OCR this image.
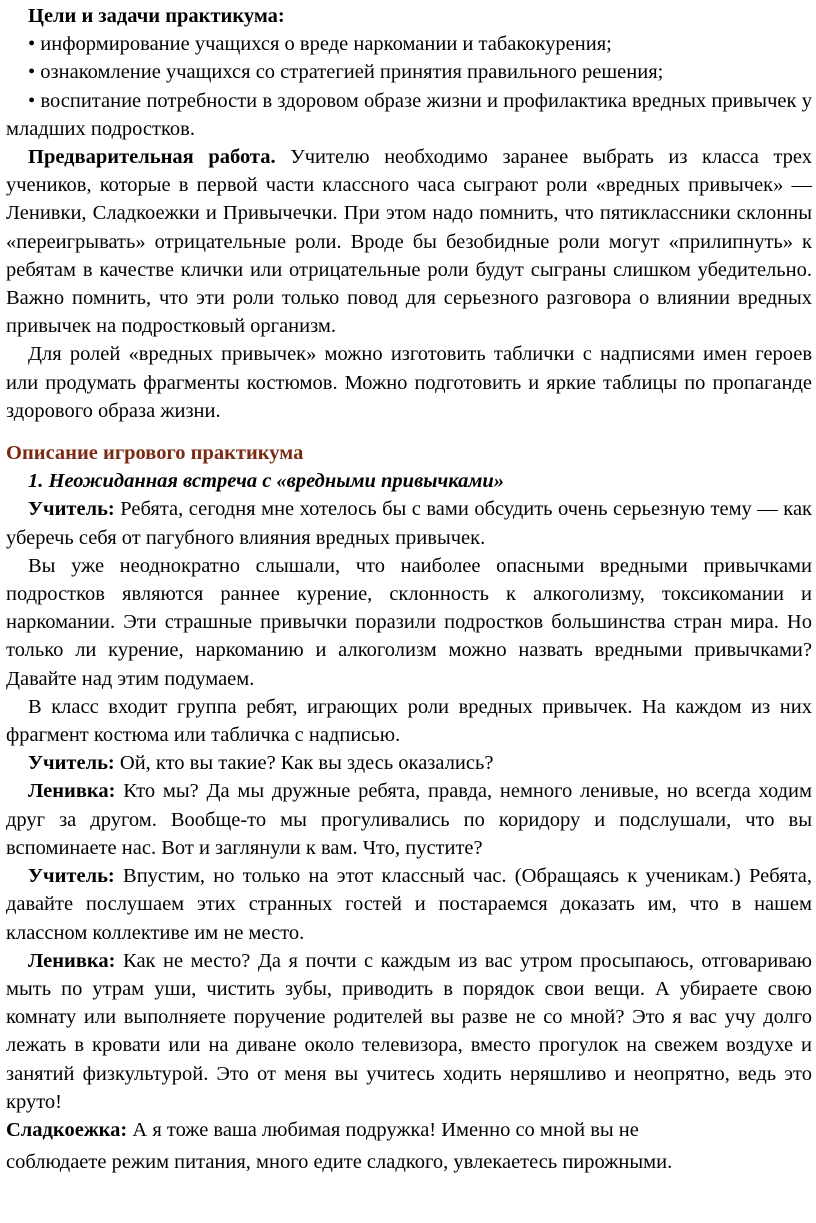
Цели и задачи практикума:

• информирование учащихся о вреде наркомании и табакокурения;

• ознакомление учащихся со стратегией принятия правильного решения;

• воспитание потребности в здоровом образе жизни и профилактика вредных привычек у младших подростков.

Предварительная работа. Учителю необходимо заранее выбрать из класса трех учеников, которые в первой части классного часа сыграют роли «вредных привычек» — Ленивки, Сладкоежки и Привычечки. При этом надо помнить, что пятиклассники склонны «переигрывать» отрицательные роли. Вроде бы безобидные роли могут «прилипнуть» к ребятам в качестве клички или отрицательные роли будут сыграны слишком убедительно. Важно помнить, что эти роли только повод для серьезного разговора о влиянии вредных привычек на подростковый организм.

Для ролей «вредных привычек» можно изготовить таблички с надписями имен героев или продумать фрагменты костюмов. Можно подготовить и яркие таблицы по пропаганде здорового образа жизни.

Описание игрового практикума
1. Неожиданная встреча с «вредными привычками»

Учитель: Ребята, сегодня мне хотелось бы с вами обсудить очень серьезную тему — как уберечь себя от пагубного влияния вредных привычек.

Вы уже неоднократно слышали, что наиболее опасными вредными привычками подростков являются раннее курение, склонность к алкоголизму, токсикомании и наркомании. Эти страшные привычки поразили подростков большинства стран мира. Но только ли курение, наркоманию и алкоголизм можно назвать вредными привычками? Давайте над этим подумаем.

В класс входит группа ребят, играющих роли вредных привычек. На каждом из них фрагмент костюма или табличка с надписью.

Учитель: Ой, кто вы такие? Как вы здесь оказались?

Ленивка: Кто мы? Да мы дружные ребята, правда, немного ленивые, но всегда ходим друг за другом. Вообще-то мы прогуливались по коридору и подслушали, что вы вспоминаете нас. Вот и заглянули к вам. Что, пустите?

Учитель: Впустим, но только на этот классный час. (Обращаясь к ученикам.) Ребята, давайте послушаем этих странных гостей и постараемся доказать им, что в нашем классном коллективе им не место.

Ленивка: Как не место? Да я почти с каждым из вас утром просыпаюсь, отговариваю мыть по утрам уши, чистить зубы, приводить в порядок свои вещи. А убираете свою комнату или выполняете поручение родителей вы разве не со мной? Это я вас учу долго лежать в кровати или на диване около телевизора, вместо прогулок на свежем воздухе и занятий физкультурой. Это от меня вы учитесь ходить неряшливо и неопрятно, ведь это круто!

Сладкоежка: А я тоже ваша любимая подружка! Именно со мной вы не

соблюдаете режим питания, много едите сладкого, увлекаетесь пирожными.
